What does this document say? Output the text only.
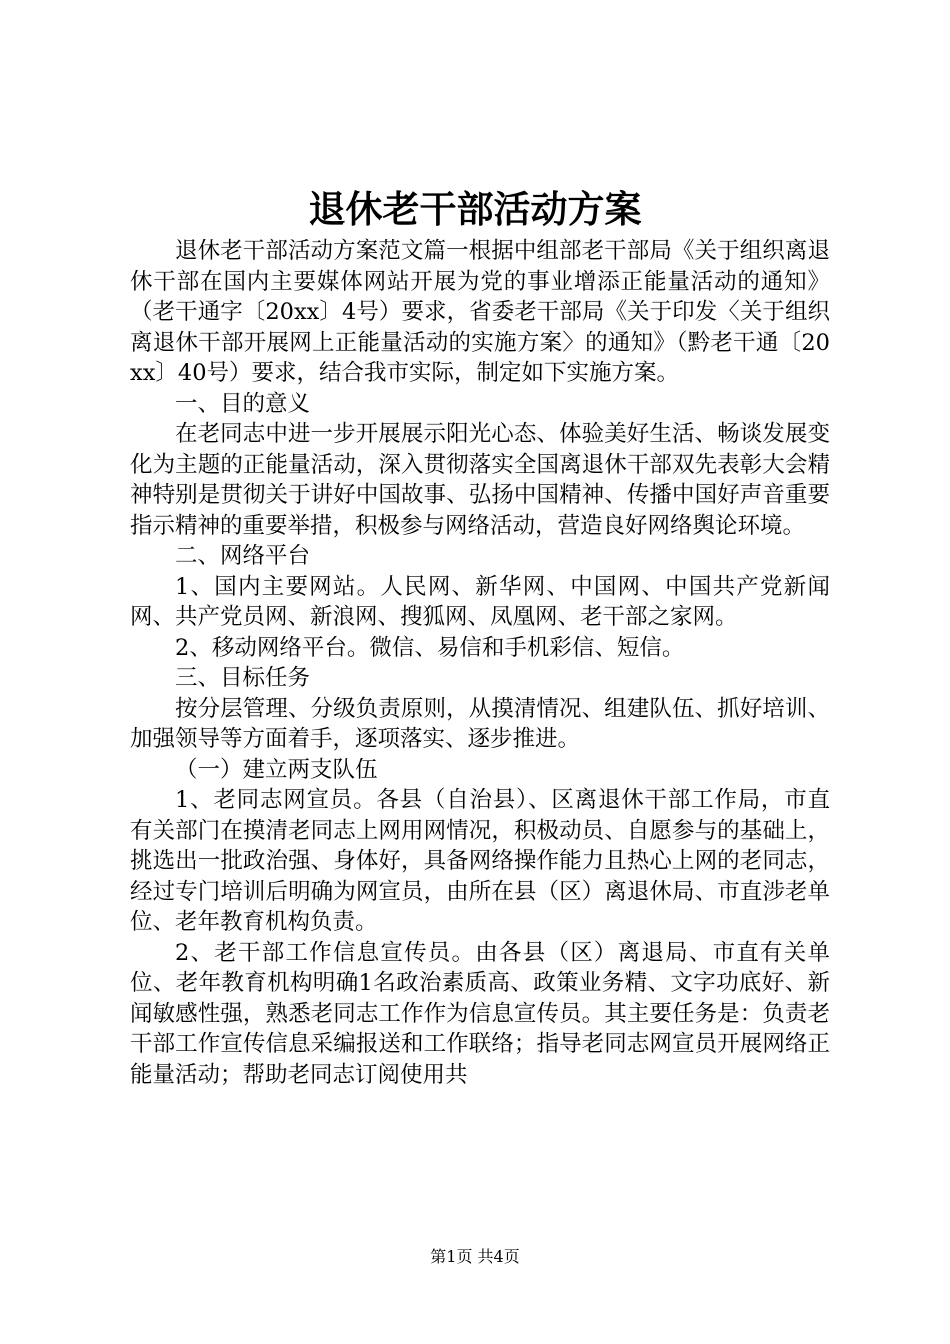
退休老干部活动方案

退休老干部活动方案范文篇一根据中组部老干部局《关于组织离退休干部在国内主要媒体网站开展为党的事业增添正能量活动的通知》（老干通字〔20xx〕4号）要求，省委老干部局《关于印发〈关于组织离退休干部开展网上正能量活动的实施方案〉的通知》（黔老干通〔20xx〕40号）要求，结合我市实际，制定如下实施方案。

一、目的意义

在老同志中进一步开展展示阳光心态、体验美好生活、畅谈发展变化为主题的正能量活动，深入贯彻落实全国离退休干部双先表彰大会精神特别是贯彻关于讲好中国故事、弘扬中国精神、传播中国好声音重要指示精神的重要举措，积极参与网络活动，营造良好网络舆论环境。

二、网络平台

1、国内主要网站。人民网、新华网、中国网、中国共产党新闻网、共产党员网、新浪网、搜狐网、凤凰网、老干部之家网。

2、移动网络平台。微信、易信和手机彩信、短信。

三、目标任务

按分层管理、分级负责原则，从摸清情况、组建队伍、抓好培训、加强领导等方面着手，逐项落实、逐步推进。

（一）建立两支队伍

1、老同志网宣员。各县（自治县）、区离退休干部工作局，市直有关部门在摸清老同志上网用网情况，积极动员、自愿参与的基础上，挑选出一批政治强、身体好，具备网络操作能力且热心上网的老同志，经过专门培训后明确为网宣员，由所在县（区）离退休局、市直涉老单位、老年教育机构负责。

2、老干部工作信息宣传员。由各县（区）离退局、市直有关单位、老年教育机构明确1名政治素质高、政策业务精、文字功底好、新闻敏感性强，熟悉老同志工作作为信息宣传员。其主要任务是：负责老干部工作宣传信息采编报送和工作联络；指导老同志网宣员开展网络正能量活动；帮助老同志订阅使用共

第1页 共4页
